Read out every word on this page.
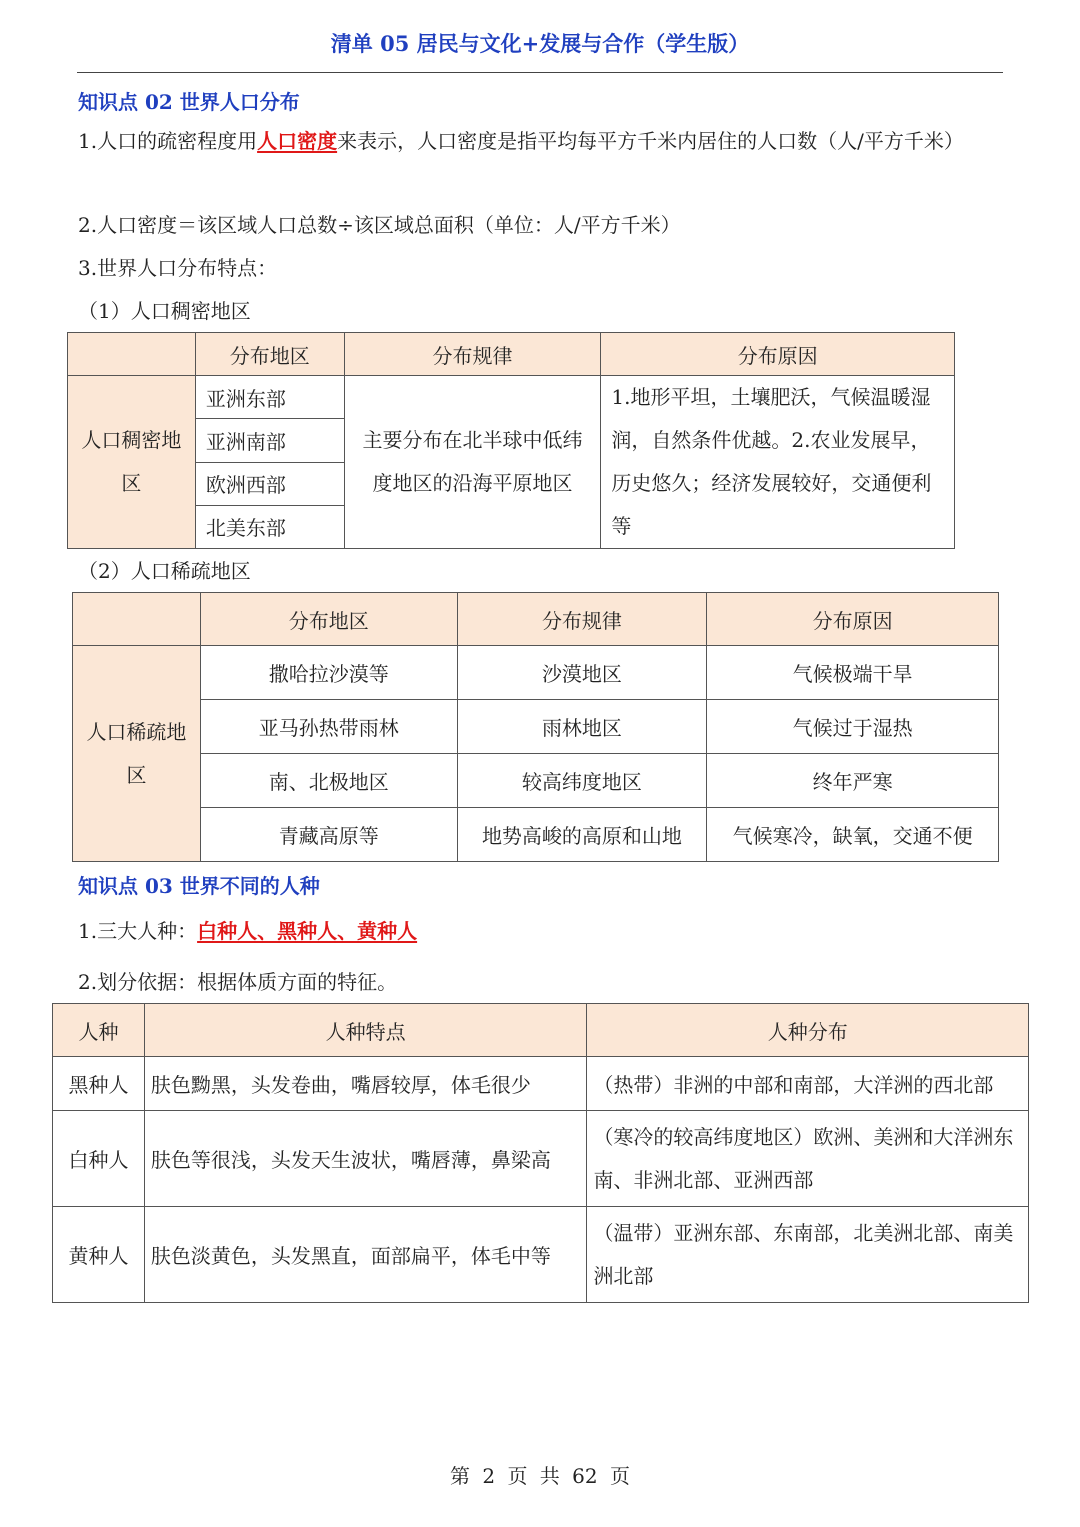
清单 05 居民与文化+发展与合作（学生版）
知识点 02 世界人口分布
1.人口的疏密程度用人口密度来表示，人口密度是指平均每平方千米内居住的人口数（人/平方千米）
2.人口密度＝该区域人口总数÷该区域总面积（单位：人/平方千米）
3.世界人口分布特点：
（1）人口稠密地区
	分布地区	分布规律	分布原因
人口稠密地区	亚洲东部	主要分布在北半球中低纬度地区的沿海平原地区	1.地形平坦，土壤肥沃，气候温暖湿润，自然条件优越。2.农业发展早，历史悠久；经济发展较好，交通便利等
	亚洲南部		
	欧洲西部		
	北美东部		
（2）人口稀疏地区
	分布地区	分布规律	分布原因
人口稀疏地区	撒哈拉沙漠等	沙漠地区	气候极端干旱
	亚马孙热带雨林	雨林地区	气候过于湿热
	南、北极地区	较高纬度地区	终年严寒
	青藏高原等	地势高峻的高原和山地	气候寒冷，缺氧，交通不便
知识点 03 世界不同的人种
1.三大人种：白种人、黑种人、黄种人
2.划分依据：根据体质方面的特征。
人种	人种特点	人种分布
黑种人	肤色黝黑，头发卷曲，嘴唇较厚，体毛很少	（热带）非洲的中部和南部，大洋洲的西北部
白种人	肤色等很浅，头发天生波状，嘴唇薄，鼻梁高	（寒冷的较高纬度地区）欧洲、美洲和大洋洲东南、非洲北部、亚洲西部
黄种人	肤色淡黄色，头发黑直，面部扁平，体毛中等	（温带）亚洲东部、东南部，北美洲北部、南美洲北部
第 2 页 共 62 页
